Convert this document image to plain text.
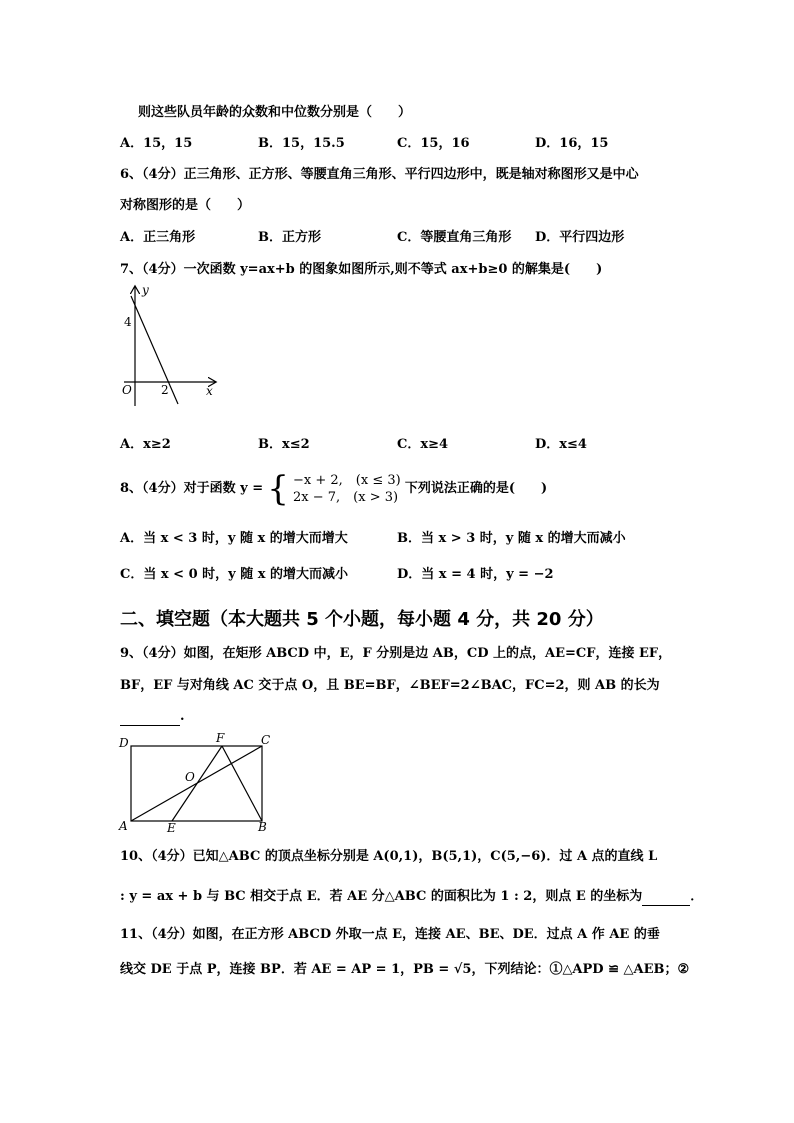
则这些队员年龄的众数和中位数分别是（　　）
A．15，15	B．15，15.5	C．15，16	D．16，15
6、（4分）正三角形、正方形、等腰直角三角形、平行四边形中，既是轴对称图形又是中心
对称图形的是（　　）
A．正三角形	B．正方形	C．等腰直角三角形 D．平行四边形
7、（4分）一次函数 y=ax+b 的图象如图所示,则不等式 ax+b≥0 的解集是(　　)
y
x
O
4
2
A．x≥2	B．x≤2	C．x≥4	D．x≤4
8、（4分）对于函数 y = { −x + 2,　(x ≤ 3)
2x − 7,　(x > 3) 下列说法正确的是(　　)
A．当 x < 3 时，y 随 x 的增大而增大	B．当 x > 3 时，y 随 x 的增大而减小
C．当 x < 0 时，y 随 x 的增大而减小	D．当 x = 4 时，y = −2
二、填空题（本大题共 5 个小题，每小题 4 分，共 20 分）
9、（4分）如图，在矩形 ABCD 中，E，F 分别是边 AB，CD 上的点，AE=CF，连接 EF，
BF，EF 与对角线 AC 交于点 O，且 BE=BF，∠BEF=2∠BAC，FC=2，则 AB 的长为
.
D	F	C
O
A	E	B
10、（4分）已知△ABC 的顶点坐标分别是 A(0,1)，B(5,1)，C(5,−6)．过 A 点的直线 L
: y = ax + b 与 BC 相交于点 E．若 AE 分△ABC 的面积比为 1 : 2，则点 E 的坐标为	．
11、（4分）如图，在正方形 ABCD 外取一点 E，连接 AE、BE、DE．过点 A 作 AE 的垂
线交 DE 于点 P，连接 BP．若 AE = AP = 1，PB = √5，下列结论：①△APD ≌ △AEB；②
